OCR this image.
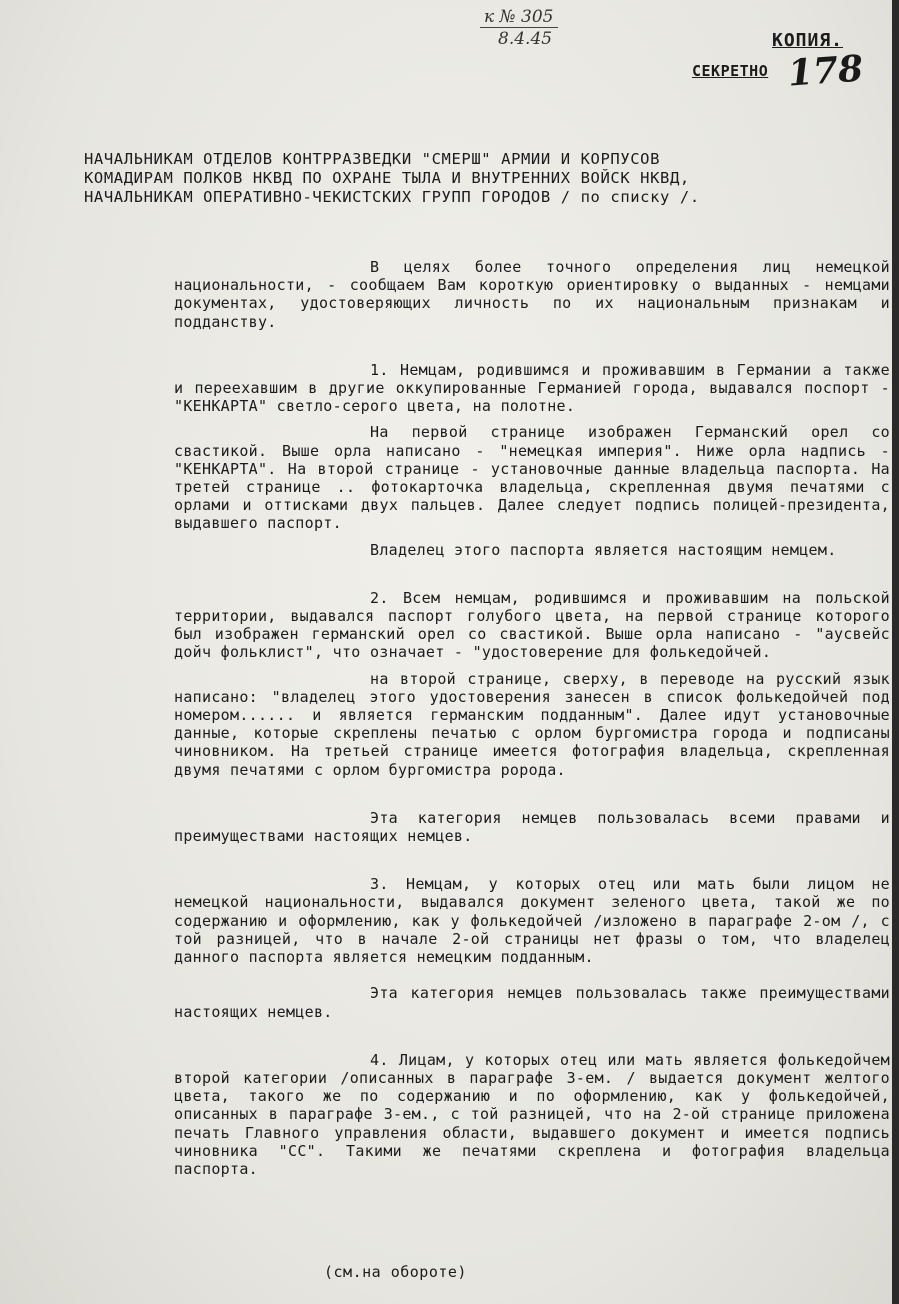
к № 305
8.4.45	КОПИЯ.
СЕКРЕТНО 178
НАЧАЛЬНИКАМ ОТДЕЛОВ КОНТРРАЗВЕДКИ "СМЕРШ" АРМИИ И КОРПУСОВ
КОМАДИРАМ ПОЛКОВ НКВД ПО ОХРАНЕ ТЫЛА И ВНУТРЕННИХ ВОЙСК НКВД,
НАЧАЛЬНИКАМ ОПЕРАТИВНО-ЧЕКИСТСКИХ ГРУПП ГОРОДОВ / по списку /.

В целях более точного определения лиц немецкой национальности, - сообщаем Вам короткую ориентировку о выданных - немцами документах, удостоверяющих личность по их национальным признакам и подданству.

1. Немцам, родившимся и проживавшим в Германии а также и переехавшим в другие оккупированные Германией города, выдавался поспорт - "КЕНКАРТА" светло-серого цвета, на полотне.

На первой странице изображен Германский орел со свастикой. Выше орла написано - "немецкая империя". Ниже орла надпись - "КЕНКАРТА". На второй странице - установочные данные владельца паспорта. На третей странице .. фотокарточка владельца, скрепленная двумя печатями с орлами и оттисками двух пальцев. Далее следует подпись полицей-президента, выдавшего паспорт.

Владелец этого паспорта является настоящим немцем.

2. Всем немцам, родившимся и проживавшим на польской территории, выдавался паспорт голубого цвета, на первой странице которого был изображен германский орел со свастикой. Выше орла написано - "аусвейс дойч фольклист", что означает - "удостоверение для фолькедойчей.

на второй странице, сверху, в переводе на русский язык написано: "владелец этого удостоверения занесен в список фолькедойчей под номером...... и является германским подданным". Далее идут установочные данные, которые скреплены печатью с орлом бургомистра города и подписаны чиновником. На третьей странице имеется фотография владельца, скрепленная двумя печатями с орлом бургомистра ророда.

Эта категория немцев пользовалась всеми правами и преимуществами настоящих немцев.

3. Немцам, у которых отец или мать были лицом не немецкой национальности, выдавался документ зеленого цвета, такой же по содержанию и оформлению, как у фолькедойчей /изложено в параграфе 2-ом /, с той разницей, что в начале 2-ой страницы нет фразы о том, что владелец данного паспорта является немецким подданным.

Эта категория немцев пользовалась также преимуществами настоящих немцев.

4. Лицам, у которых отец или мать является фолькедойчем второй категории /описанных в параграфе 3-ем. / выдается документ желтого цвета, такого же по содержанию и по оформлению, как у фолькедойчей, описанных в параграфе 3-ем., с той разницей, что на 2-ой странице приложена печать Главного управления области, выдавшего документ и имеется подпись чиновника "СС". Такими же печатями скреплена и фотография владельца паспорта.

(см.на обороте)
